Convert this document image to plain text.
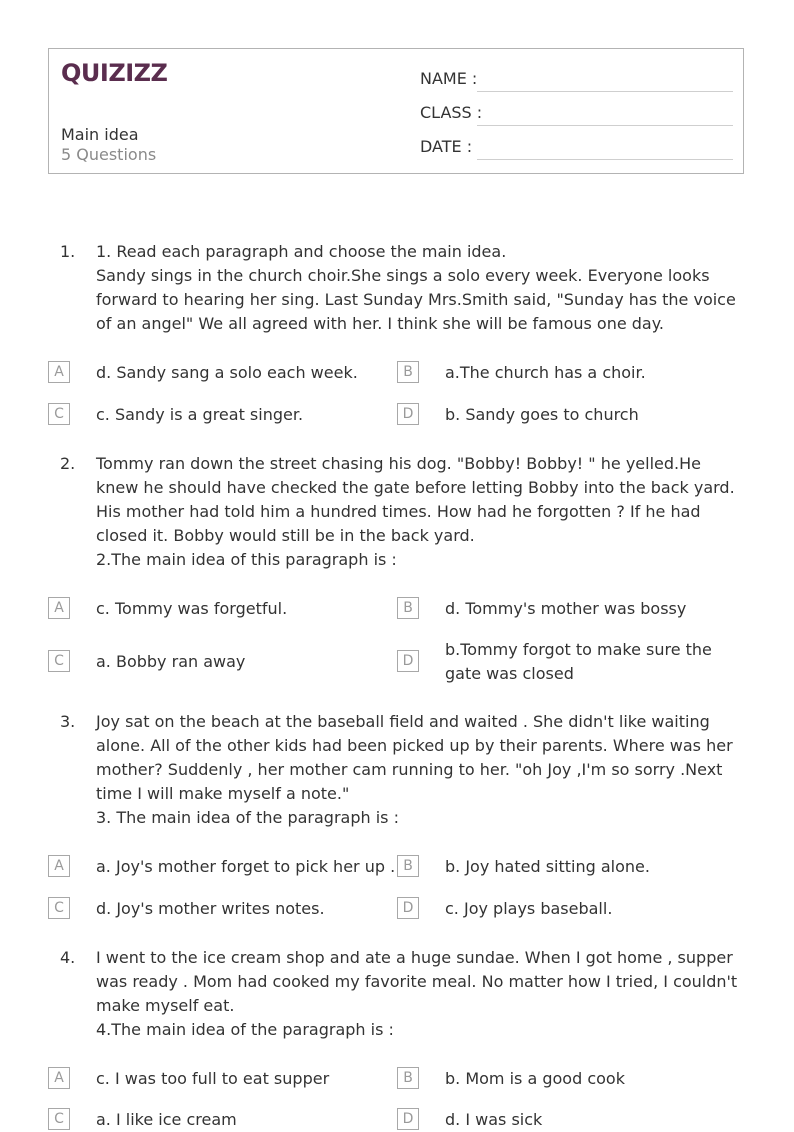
QUIZIZZ
Main idea
5 Questions
NAME :
CLASS :
DATE :
1. 1. Read each paragraph and choose the main idea.
Sandy sings in the church choir.She sings a solo every week. Everyone looks forward to hearing her sing. Last Sunday Mrs.Smith said, "Sunday has the voice of an angel" We all agreed with her. I think she will be famous one day.
A	d. Sandy sang a solo each week.	B	a.The church has a choir.
C	c. Sandy is a great singer.	D	b. Sandy goes to church
2. Tommy ran down the street chasing his dog. "Bobby! Bobby! " he yelled.He knew he should have checked the gate before letting Bobby into the back yard. His mother had told him a hundred times. How had he forgotten ? If he had closed it. Bobby would still be in the back yard.
2.The main idea of this paragraph is :
A	c. Tommy was forgetful.	B	d. Tommy's mother was bossy
C	a. Bobby ran away	D
b.Tommy forgot to make sure the gate was closed
3. Joy sat on the beach at the baseball field and waited . She didn't like waiting alone. All of the other kids had been picked up by their parents. Where was her mother? Suddenly , her mother cam running to her. "oh Joy ,I'm so sorry .Next time I will make myself a note."
3. The main idea of the paragraph is :
A	a. Joy's mother forget to pick her up . B	b. Joy hated sitting alone.
C	d. Joy's mother writes notes.	D	c. Joy plays baseball.
4. I went to the ice cream shop and ate a huge sundae. When I got home , supper was ready . Mom had cooked my favorite meal. No matter how I tried, I couldn't make myself eat.
4.The main idea of the paragraph is :
A	c. I was too full to eat supper	B	b. Mom is a good cook
C	a. I like ice cream	D	d. I was sick
